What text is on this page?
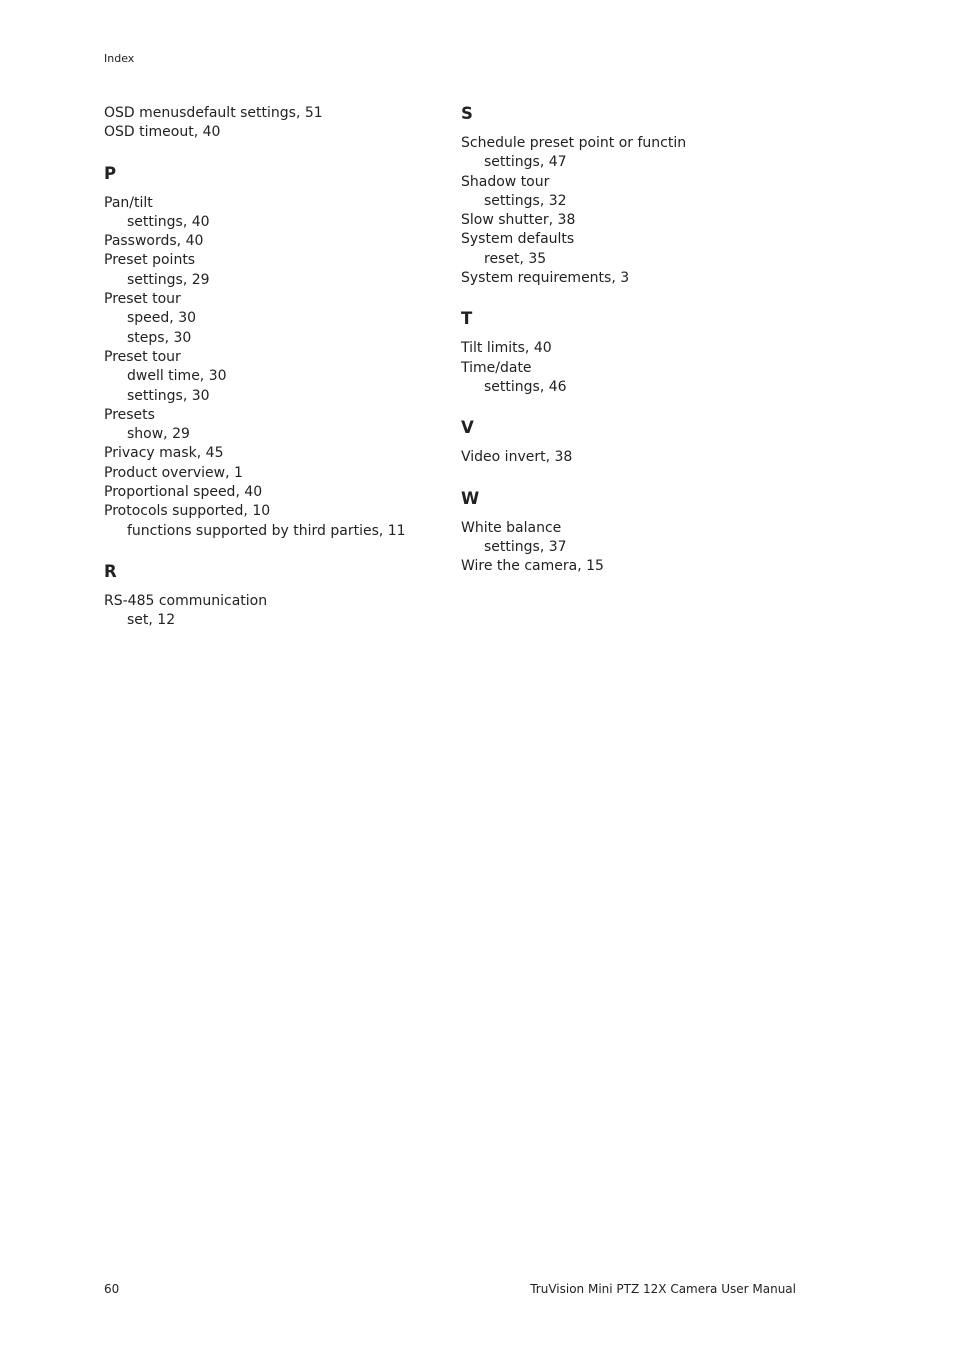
Index
OSD menusdefault settings, 51
OSD timeout, 40
P
Pan/tilt
settings, 40
Passwords, 40
Preset points
settings, 29
Preset tour
speed, 30
steps, 30
Preset tour
dwell time, 30
settings, 30
Presets
show, 29
Privacy mask, 45
Product overview, 1
Proportional speed, 40
Protocols supported, 10
functions supported by third parties, 11
R
RS-485 communication
set, 12
S
Schedule preset point or functin
settings, 47
Shadow tour
settings, 32
Slow shutter, 38
System defaults
reset, 35
System requirements, 3
T
Tilt limits, 40
Time/date
settings, 46
V
Video invert, 38
W
White balance
settings, 37
Wire the camera, 15
60	TruVision Mini PTZ 12X Camera User Manual
